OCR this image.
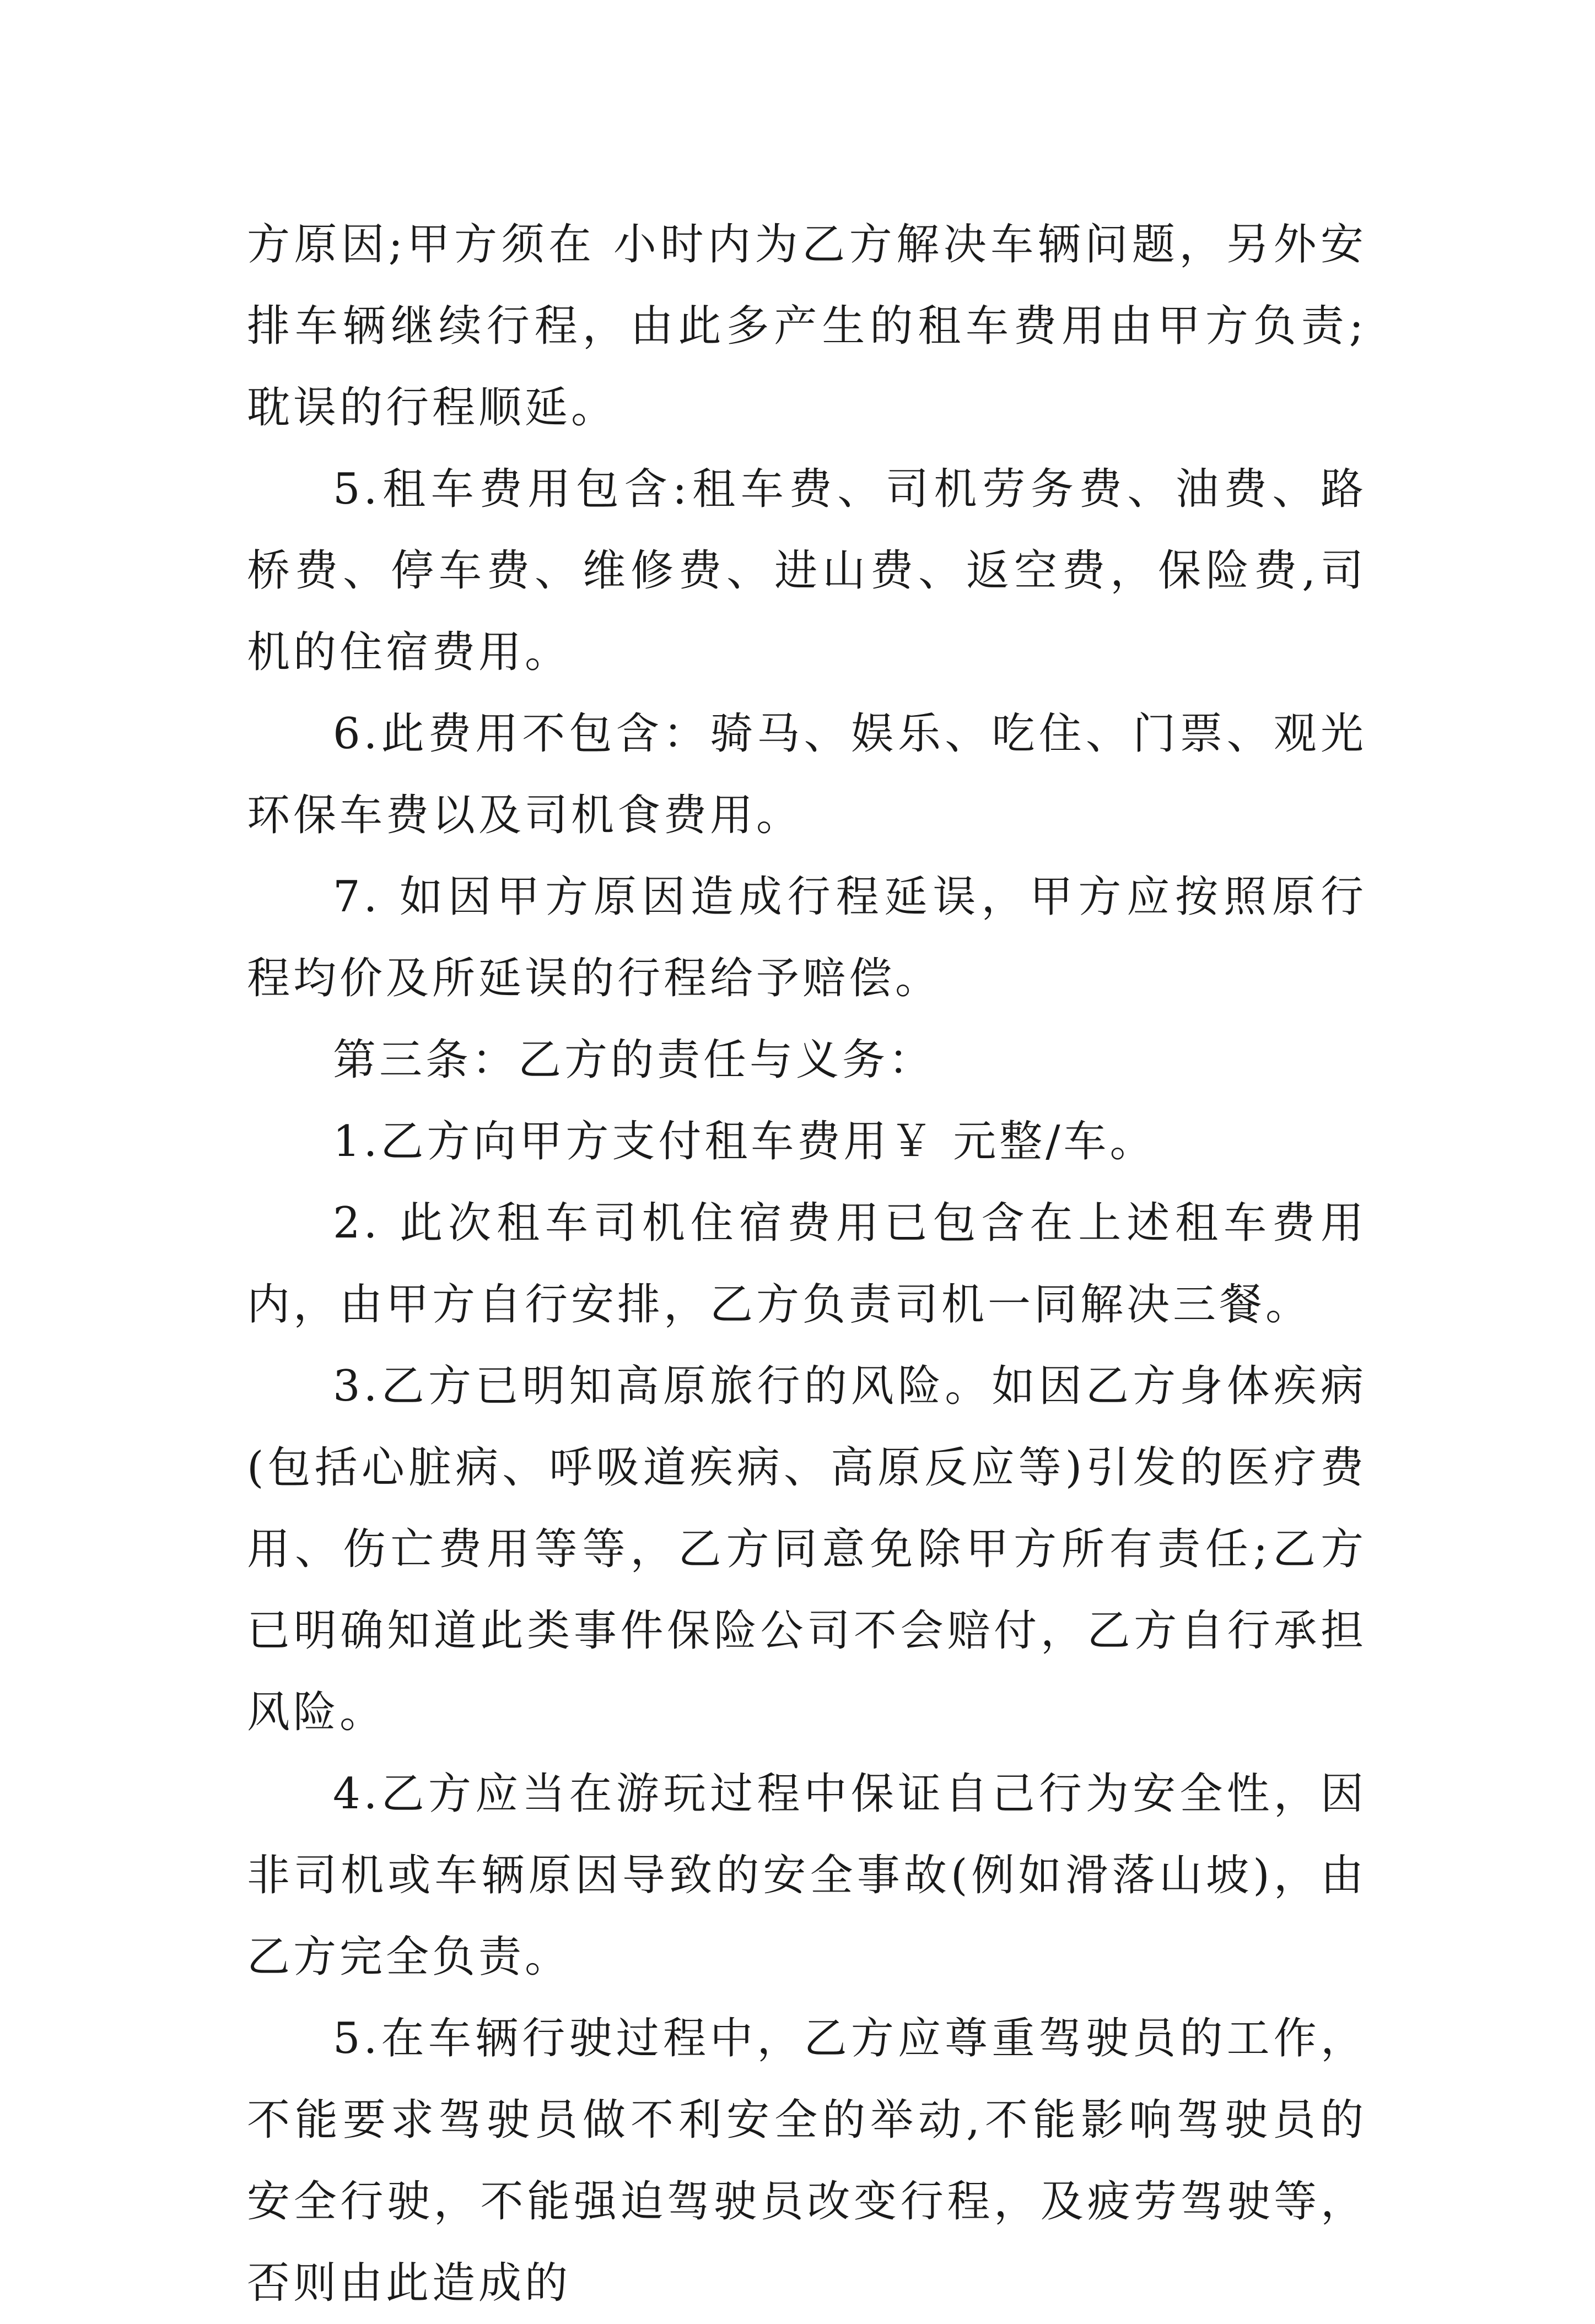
方原因;甲方须在 小时内为乙方解决车辆问题，另外安排车辆继续行程，由此多产生的租车费用由甲方负责;耽误的行程顺延。

5.租车费用包含:租车费、司机劳务费、油费、路桥费、停车费、维修费、进山费、返空费，保险费,司机的住宿费用。

6.此费用不包含：骑马、娱乐、吃住、门票、观光环保车费以及司机食费用。

7. 如因甲方原因造成行程延误，甲方应按照原行程均价及所延误的行程给予赔偿。

第三条：乙方的责任与义务：

1.乙方向甲方支付租车费用￥ 元整/车。

2. 此次租车司机住宿费用已包含在上述租车费用内，由甲方自行安排，乙方负责司机一同解决三餐。

3.乙方已明知高原旅行的风险。如因乙方身体疾病(包括心脏病、呼吸道疾病、高原反应等)引发的医疗费用、伤亡费用等等，乙方同意免除甲方所有责任;乙方已明确知道此类事件保险公司不会赔付，乙方自行承担风险。

4.乙方应当在游玩过程中保证自己行为安全性，因非司机或车辆原因导致的安全事故(例如滑落山坡)，由乙方完全负责。

5.在车辆行驶过程中，乙方应尊重驾驶员的工作，不能要求驾驶员做不利安全的举动,不能影响驾驶员的安全行驶，不能强迫驾驶员改变行程，及疲劳驾驶等，否则由此造成的
